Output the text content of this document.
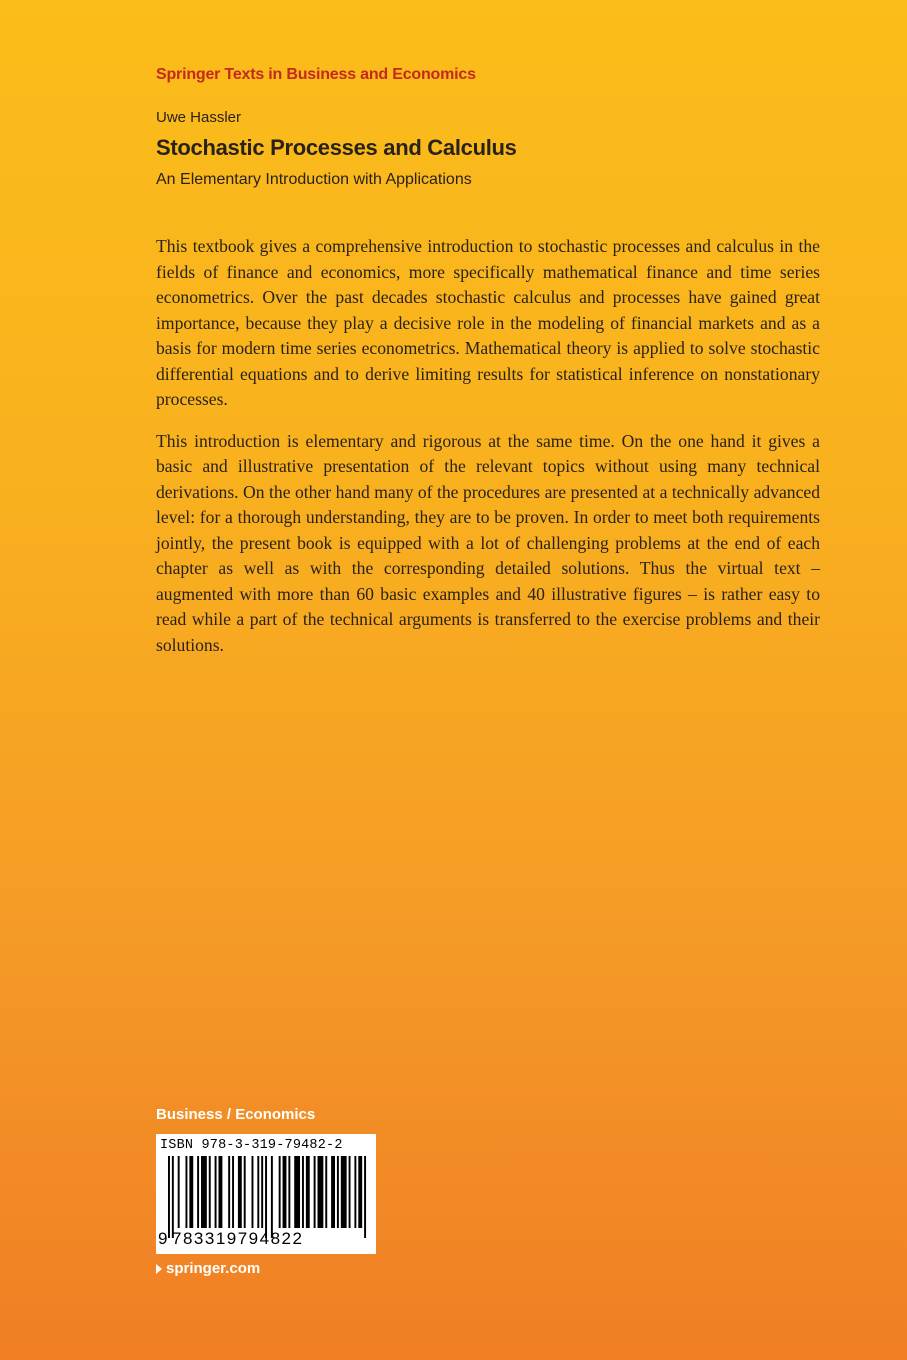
Springer Texts in Business and Economics
Uwe Hassler
Stochastic Processes and Calculus
An Elementary Introduction with Applications

This textbook gives a comprehensive introduction to stochastic processes and calculus in the fields of finance and economics, more specifically mathematical finance and time series econometrics. Over the past decades stochastic calculus and processes have gained great importance, because they play a decisive role in the modeling of financial markets and as a basis for modern time series econometrics. Mathematical theory is applied to solve stochastic differential equations and to derive limiting results for statistical inference on nonstationary processes.

This introduction is elementary and rigorous at the same time. On the one hand it gives a basic and illustrative presentation of the relevant topics without using many technical derivations. On the other hand many of the procedures are presented at a technically advanced level: for a thorough understanding, they are to be proven. In order to meet both requirements jointly, the present book is equipped with a lot of challenging problems at the end of each chapter as well as with the corresponding detailed solutions. Thus the virtual text – augmented with more than 60 basic examples and 40 illustrative figures – is rather easy to read while a part of the technical arguments is transferred to the exercise problems and their solutions.

Business / Economics
ISBN 978-3-319-79482-2
9 783319794822
springer.com
